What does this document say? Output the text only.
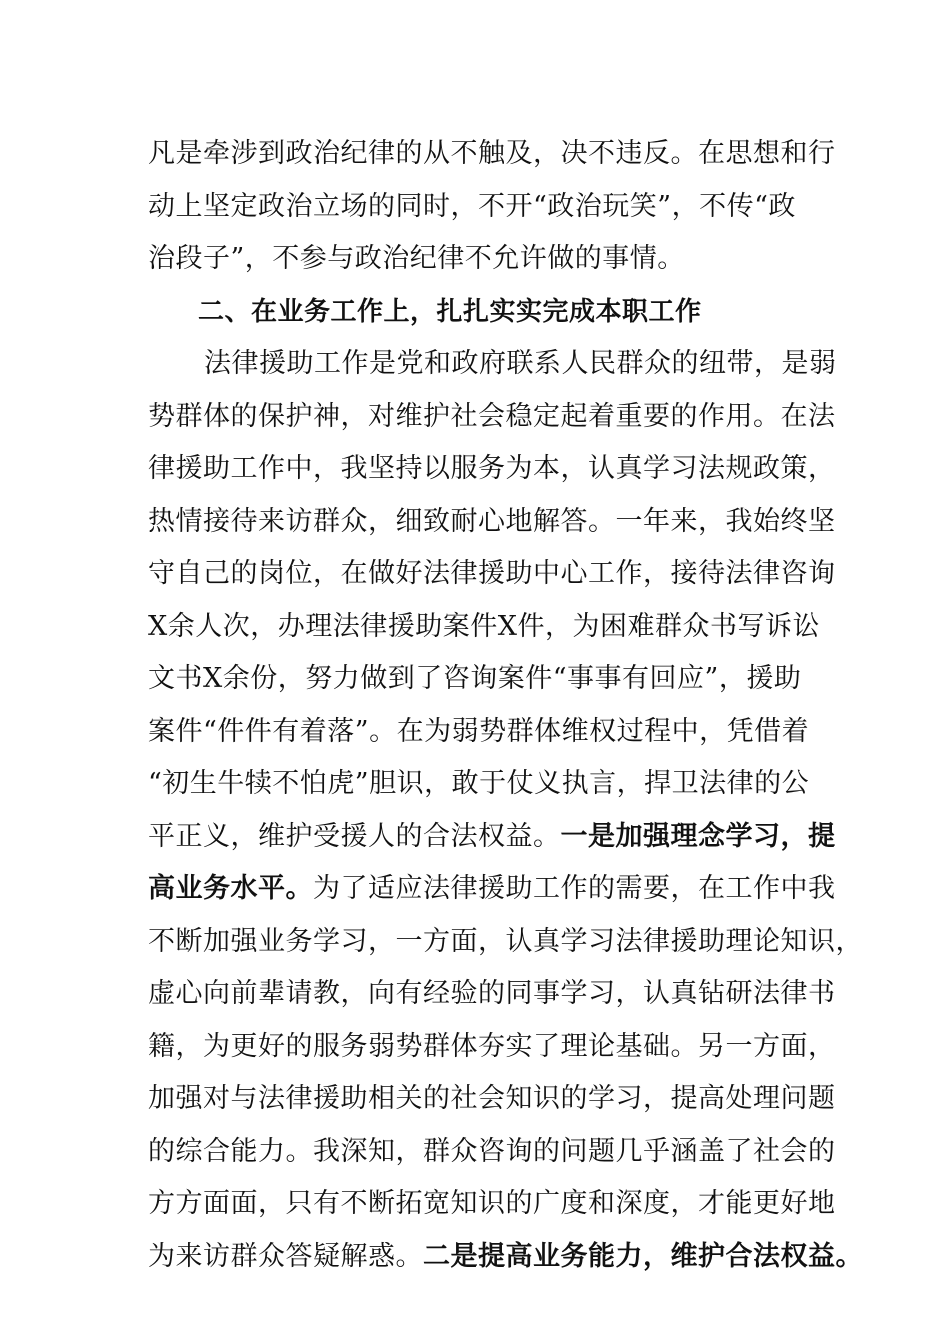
凡是牵涉到政治纪律的从不触及，决不违反。在思想和行
动上坚定政治立场的同时，不开“政治玩笑”，不传“政
治段子”，不参与政治纪律不允许做的事情。
二、在业务工作上，扎扎实实完成本职工作
法律援助工作是党和政府联系人民群众的纽带，是弱
势群体的保护神，对维护社会稳定起着重要的作用。在法
律援助工作中，我坚持以服务为本，认真学习法规政策，
热情接待来访群众，细致耐心地解答。一年来，我始终坚
守自己的岗位，在做好法律援助中心工作，接待法律咨询
X余人次，办理法律援助案件X件，为困难群众书写诉讼
文书X余份，努力做到了咨询案件“事事有回应”，援助
案件“件件有着落”。在为弱势群体维权过程中，凭借着
“初生牛犊不怕虎”胆识，敢于仗义执言，捍卫法律的公
平正义，维护受援人的合法权益。一是加强理念学习，提
高业务水平。为了适应法律援助工作的需要，在工作中我
不断加强业务学习，一方面，认真学习法律援助理论知识，
虚心向前辈请教，向有经验的同事学习，认真钻研法律书
籍，为更好的服务弱势群体夯实了理论基础。另一方面，
加强对与法律援助相关的社会知识的学习，提高处理问题
的综合能力。我深知，群众咨询的问题几乎涵盖了社会的
方方面面，只有不断拓宽知识的广度和深度，才能更好地
为来访群众答疑解惑。二是提高业务能力，维护合法权益。
